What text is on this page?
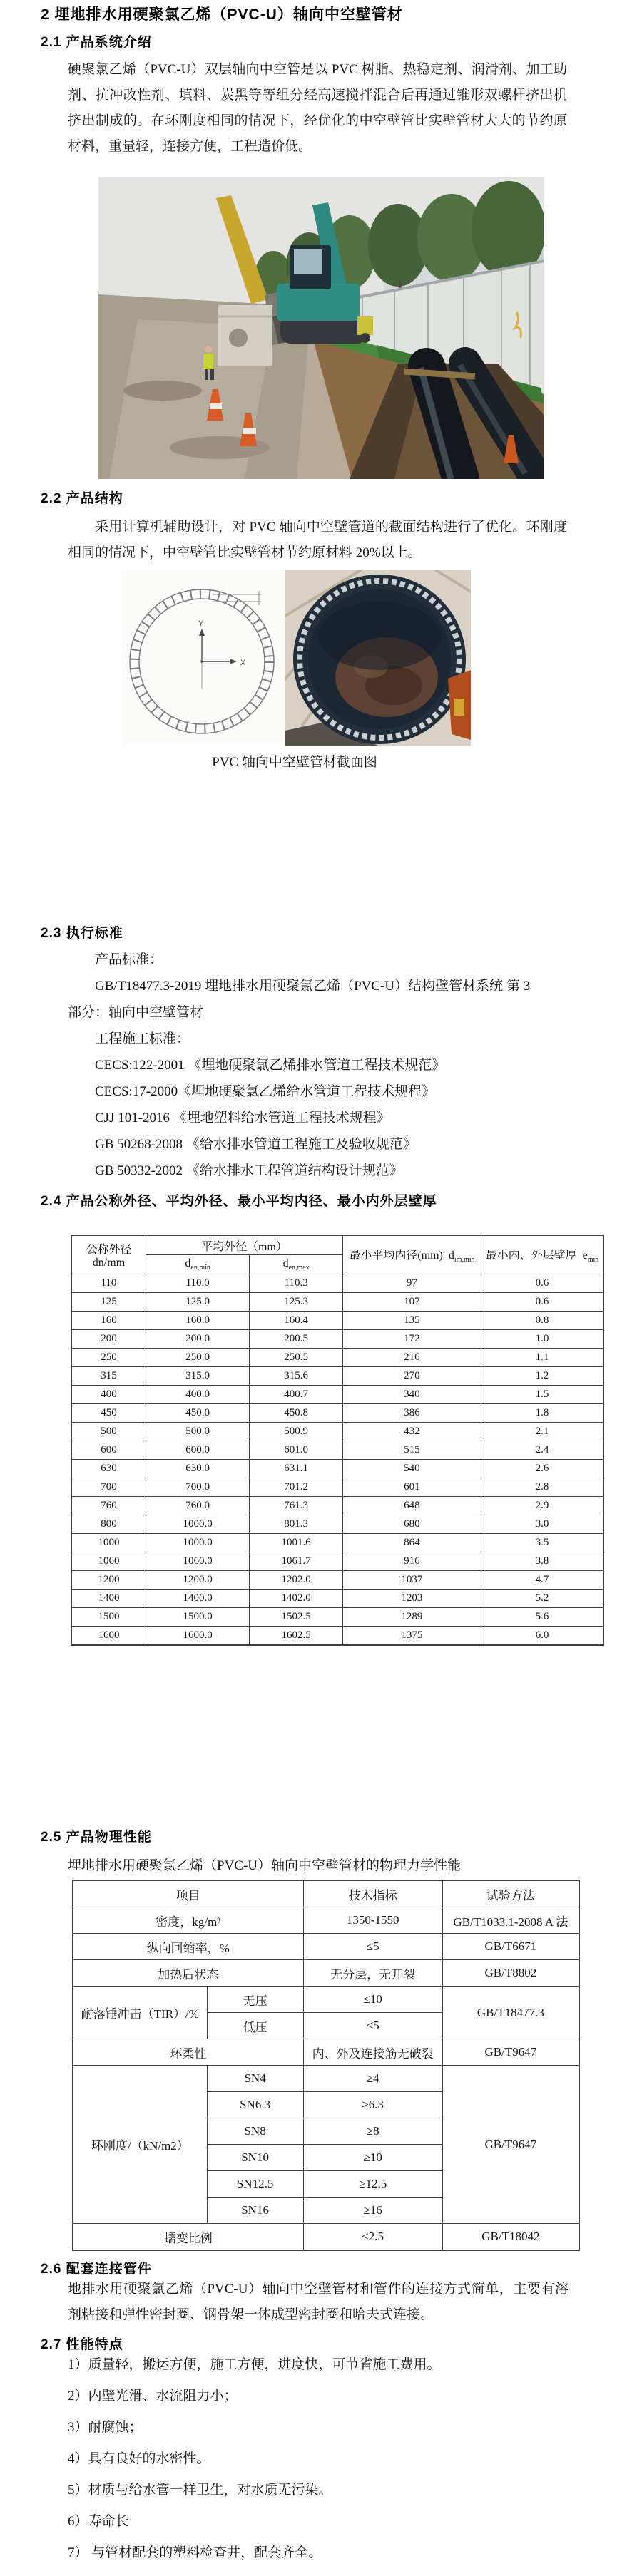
2 埋地排水用硬聚氯乙烯（PVC-U）轴向中空壁管材
2.1 产品系统介绍

硬聚氯乙烯（PVC-U）双层轴向中空管是以 PVC 树脂、热稳定剂、润滑剂、加工助剂、抗冲改性剂、填料、炭黑等等组分经高速搅拌混合后再通过锥形双螺杆挤出机挤出制成的。在环刚度相同的情况下，经优化的中空壁管比实壁管材大大的节约原材料，重量轻，连接方便，工程造价低。

2.2 产品结构

采用计算机辅助设计，对 PVC 轴向中空壁管道的截面结构进行了优化。环刚度相同的情况下，中空壁管比实壁管材节约原材料 20%以上。

Y
X
PVC 轴向中空壁管材截面图
2.3 执行标准
产品标准：
GB/T18477.3-2019 埋地排水用硬聚氯乙烯（PVC-U）结构壁管材系统 第 3
部分：轴向中空壁管材
工程施工标准：
CECS:122-2001 《埋地硬聚氯乙烯排水管道工程技术规范》
CECS:17-2000《埋地硬聚氯乙烯给水管道工程技术规程》
CJJ 101-2016 《埋地塑料给水管道工程技术规程》
GB 50268-2008 《给水排水管道工程施工及验收规范》
GB 50332-2002 《给水排水工程管道结构设计规范》
2.4 产品公称外径、平均外径、最小平均内径、最小内外层壁厚
公称外径
dn/mm	平均外径（mm）		最小平均内径(mm) $d_{im,min}$	最小内、外层壁厚 $e_{min}$
	$d_{en,min}$	$d_{en,max}$
110	110.0	110.3	97	0.6
125	125.0	125.3	107	0.6
160	160.0	160.4	135	0.8
200	200.0	200.5	172	1.0
250	250.0	250.5	216	1.1
315	315.0	315.6	270	1.2
400	400.0	400.7	340	1.5
450	450.0	450.8	386	1.8
500	500.0	500.9	432	2.1
600	600.0	601.0	515	2.4
630	630.0	631.1	540	2.6
700	700.0	701.2	601	2.8
760	760.0	761.3	648	2.9
800	1000.0	801.3	680	3.0
1000	1000.0	1001.6	864	3.5
1060	1060.0	1061.7	916	3.8
1200	1200.0	1202.0	1037	4.7
1400	1400.0	1402.0	1203	5.2
1500	1500.0	1502.5	1289	5.6
1600	1600.0	1602.5	1375	6.0
2.5 产品物理性能

埋地排水用硬聚氯乙烯（PVC-U）轴向中空壁管材的物理力学性能

项目		技术指标	试验方法
密度，kg/m³		1350-1550	GB/T1033.1-2008 A 法
纵向回缩率，%		≤5	GB/T6671
加热后状态		无分层，无开裂	GB/T8802
耐落锤冲击（TIR）/%	无压	≤10	GB/T18477.3
	低压	≤5	
环柔性		内、外及连接筋无破裂	GB/T9647
环刚度/（kN/m2）	SN4	≥4	GB/T9647
	SN6.3	≥6.3	
	SN8	≥8	
	SN10	≥10	
	SN12.5	≥12.5	
	SN16	≥16	
蠕变比例		≤2.5	GB/T18042
2.6 配套连接管件

地排水用硬聚氯乙烯（PVC-U）轴向中空壁管材和管件的连接方式简单，主要有溶剂粘接和弹性密封圈、钢骨架一体成型密封圈和哈夫式连接。

2.7 性能特点
1）质量轻，搬运方便，施工方便，进度快，可节省施工费用。
2）内壁光滑、水流阻力小；
3）耐腐蚀；
4）具有良好的水密性。
5）材质与给水管一样卫生，对水质无污染。
6）寿命长
7） 与管材配套的塑料检查井，配套齐全。
